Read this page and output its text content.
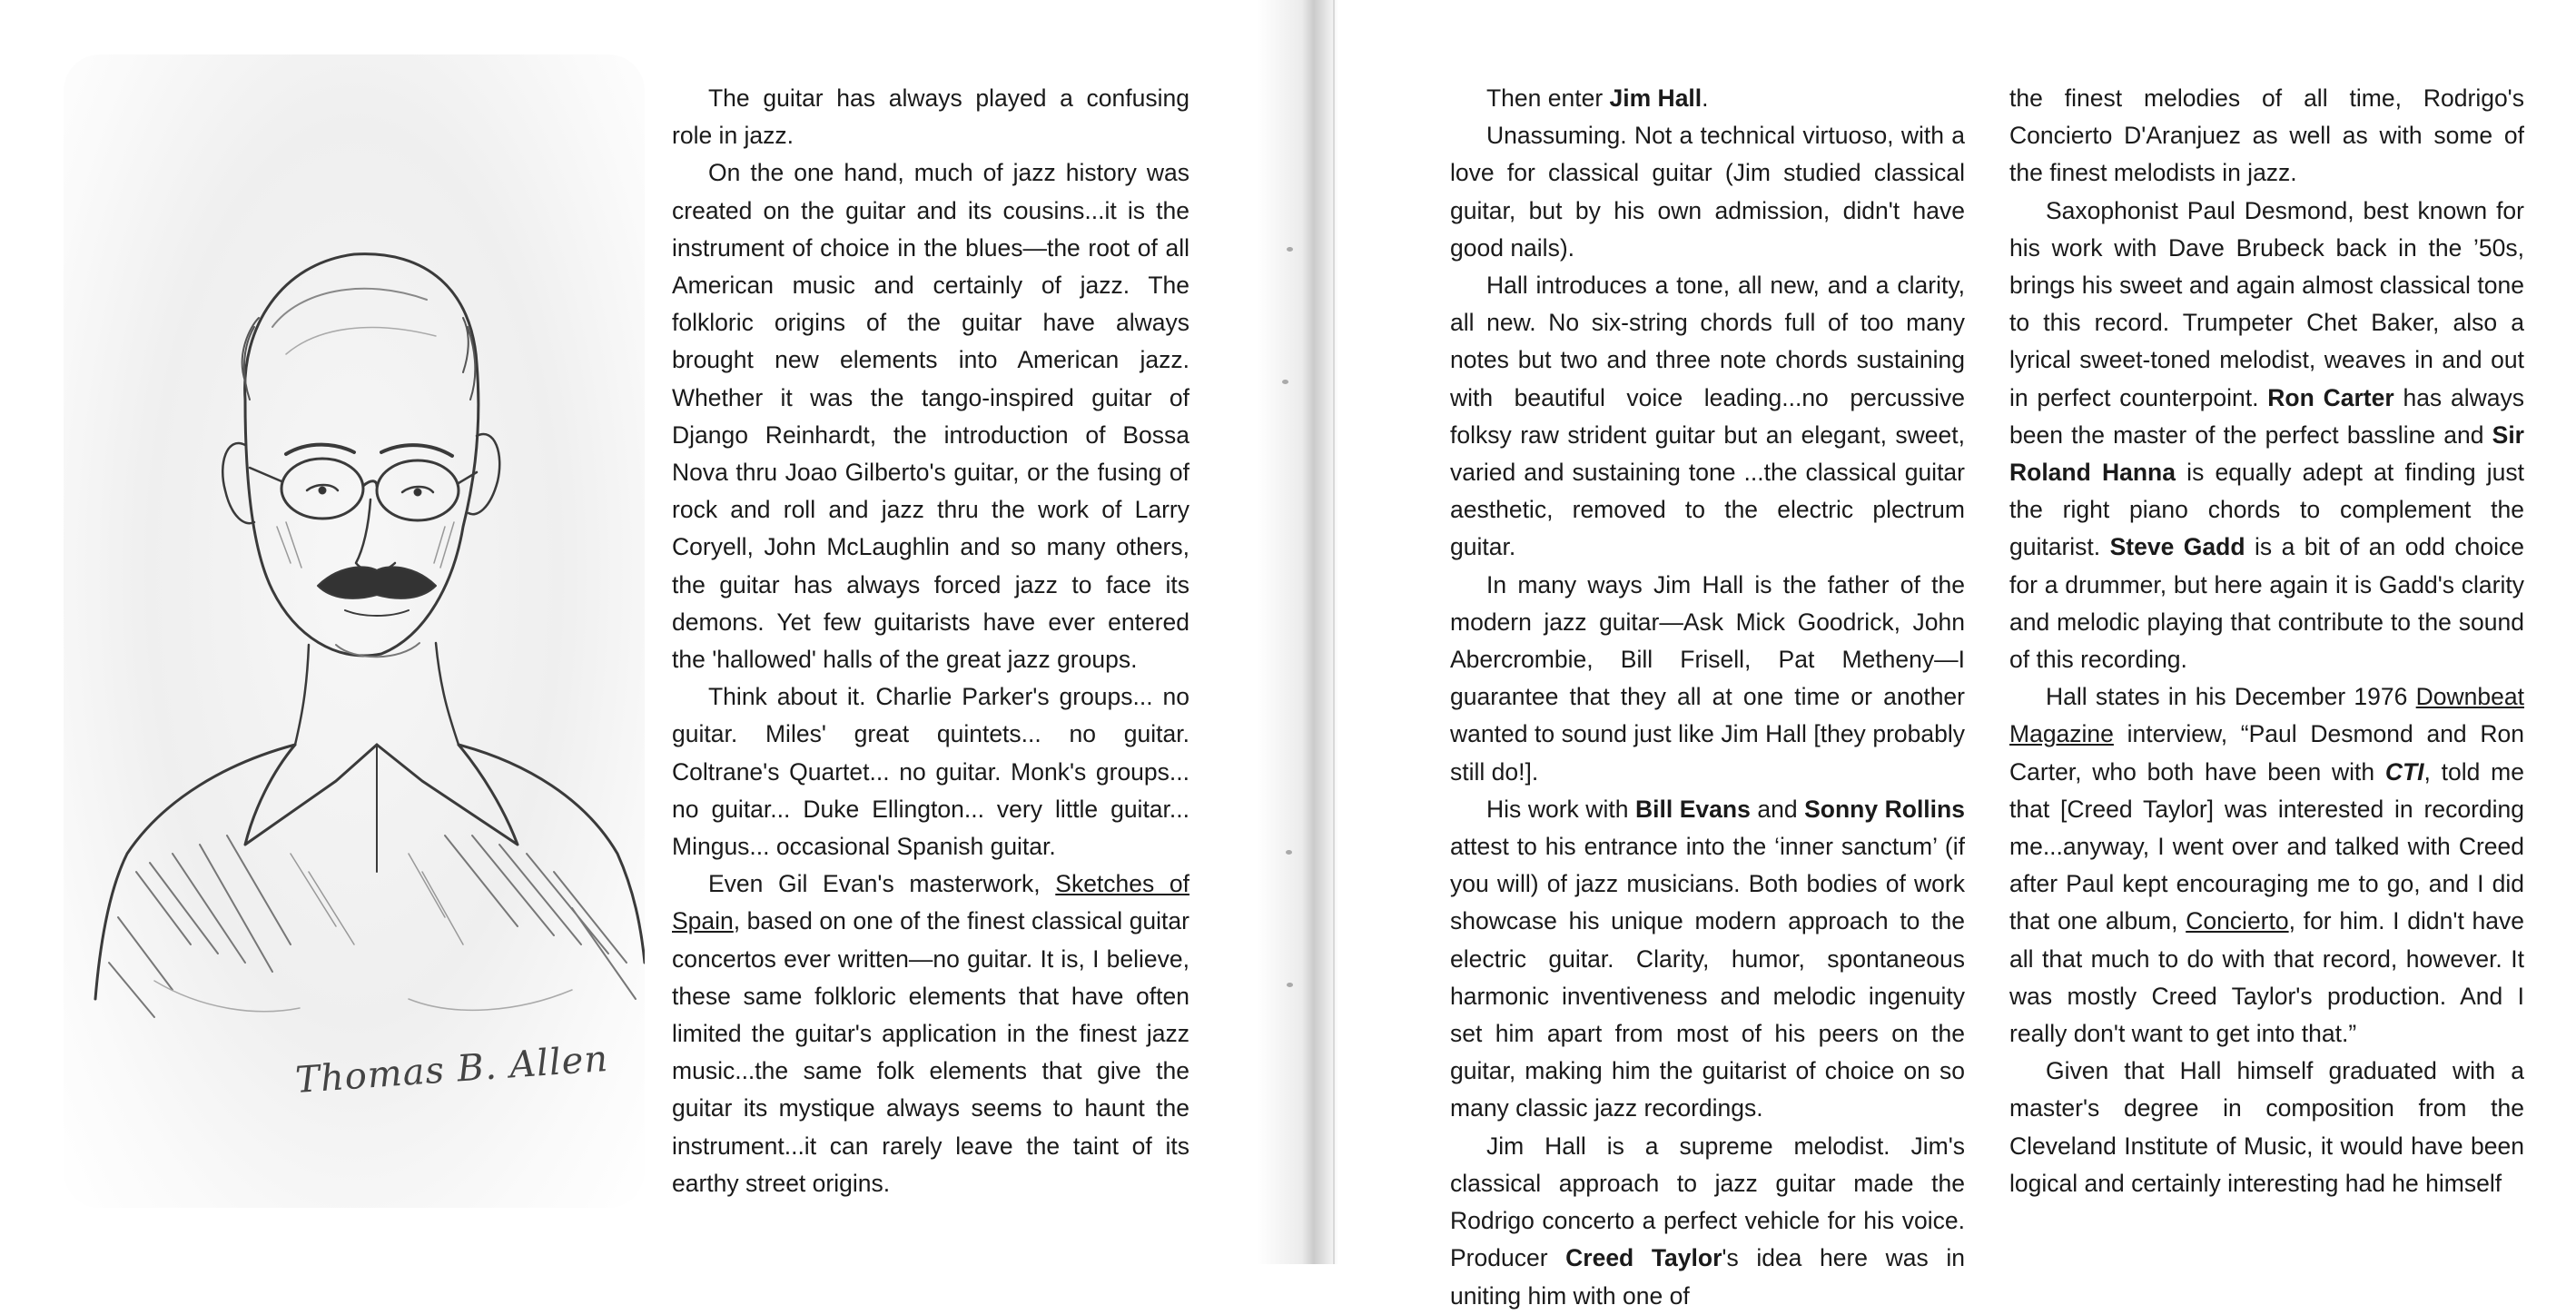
Thomas B. Allen

The guitar has always played a confusing role in jazz.

On the one hand, much of jazz history was created on the guitar and its cousins...it is the instrument of choice in the blues—the root of all American music and certainly of jazz. The folkloric origins of the guitar have always brought new elements into American jazz. Whether it was the tango-inspired guitar of Django Reinhardt, the introduction of Bossa Nova thru Joao Gilberto's guitar, or the fusing of rock and roll and jazz thru the work of Larry Coryell, John McLaughlin and so many others, the guitar has always forced jazz to face its demons. Yet few guitarists have ever entered the 'hallowed' halls of the great jazz groups.

Think about it. Charlie Parker's groups... no guitar. Miles' great quintets... no guitar. Coltrane's Quartet... no guitar. Monk's groups... no guitar... Duke Ellington... very little guitar... Mingus... occasional Spanish guitar.

Even Gil Evan's masterwork, Sketches of Spain, based on one of the finest classical guitar concertos ever written—no guitar. It is, I believe, these same folkloric elements that have often limited the guitar's application in the finest jazz music...the same folk elements that give the guitar its mystique always seems to haunt the instrument...it can rarely leave the taint of its earthy street origins.

Then enter Jim Hall.

Unassuming. Not a technical virtuoso, with a love for classical guitar (Jim studied classical guitar, but by his own admission, didn't have good nails).

Hall introduces a tone, all new, and a clarity, all new. No six-string chords full of too many notes but two and three note chords sustaining with beautiful voice leading...no percussive folksy raw strident guitar but an elegant, sweet, varied and sustaining tone ...the classical guitar aesthetic, removed to the electric plectrum guitar.

In many ways Jim Hall is the father of the modern jazz guitar—Ask Mick Goodrick, John Abercrombie, Bill Frisell, Pat Metheny—I guarantee that they all at one time or another wanted to sound just like Jim Hall [they probably still do!].

His work with Bill Evans and Sonny Rollins attest to his entrance into the ‘inner sanctum’ (if you will) of jazz musicians. Both bodies of work showcase his unique modern approach to the electric guitar. Clarity, humor, spontaneous harmonic inventiveness and melodic ingenuity set him apart from most of his peers on the guitar, making him the guitarist of choice on so many classic jazz recordings.

Jim Hall is a supreme melodist. Jim's classical approach to jazz guitar made the Rodrigo concerto a perfect vehicle for his voice. Producer Creed Taylor's idea here was in uniting him with one of

the finest melodies of all time, Rodrigo's Concierto D'Aranjuez as well as with some of the finest melodists in jazz.

Saxophonist Paul Desmond, best known for his work with Dave Brubeck back in the ’50s, brings his sweet and again almost classical tone to this record. Trumpeter Chet Baker, also a lyrical sweet-toned melodist, weaves in and out in perfect counterpoint. Ron Carter has always been the master of the perfect bassline and Sir Roland Hanna is equally adept at finding just the right piano chords to complement the guitarist. Steve Gadd is a bit of an odd choice for a drummer, but here again it is Gadd's clarity and melodic playing that contribute to the sound of this recording.

Hall states in his December 1976 Downbeat Magazine interview, “Paul Desmond and Ron Carter, who both have been with CTI, told me that [Creed Taylor] was interested in recording me...anyway, I went over and talked with Creed after Paul kept encouraging me to go, and I did that one album, Concierto, for him. I didn't have all that much to do with that record, however. It was mostly Creed Taylor's production. And I really don't want to get into that.”

Given that Hall himself graduated with a master's degree in composition from the Cleveland Institute of Music, it would have been logical and certainly interesting had he himself
